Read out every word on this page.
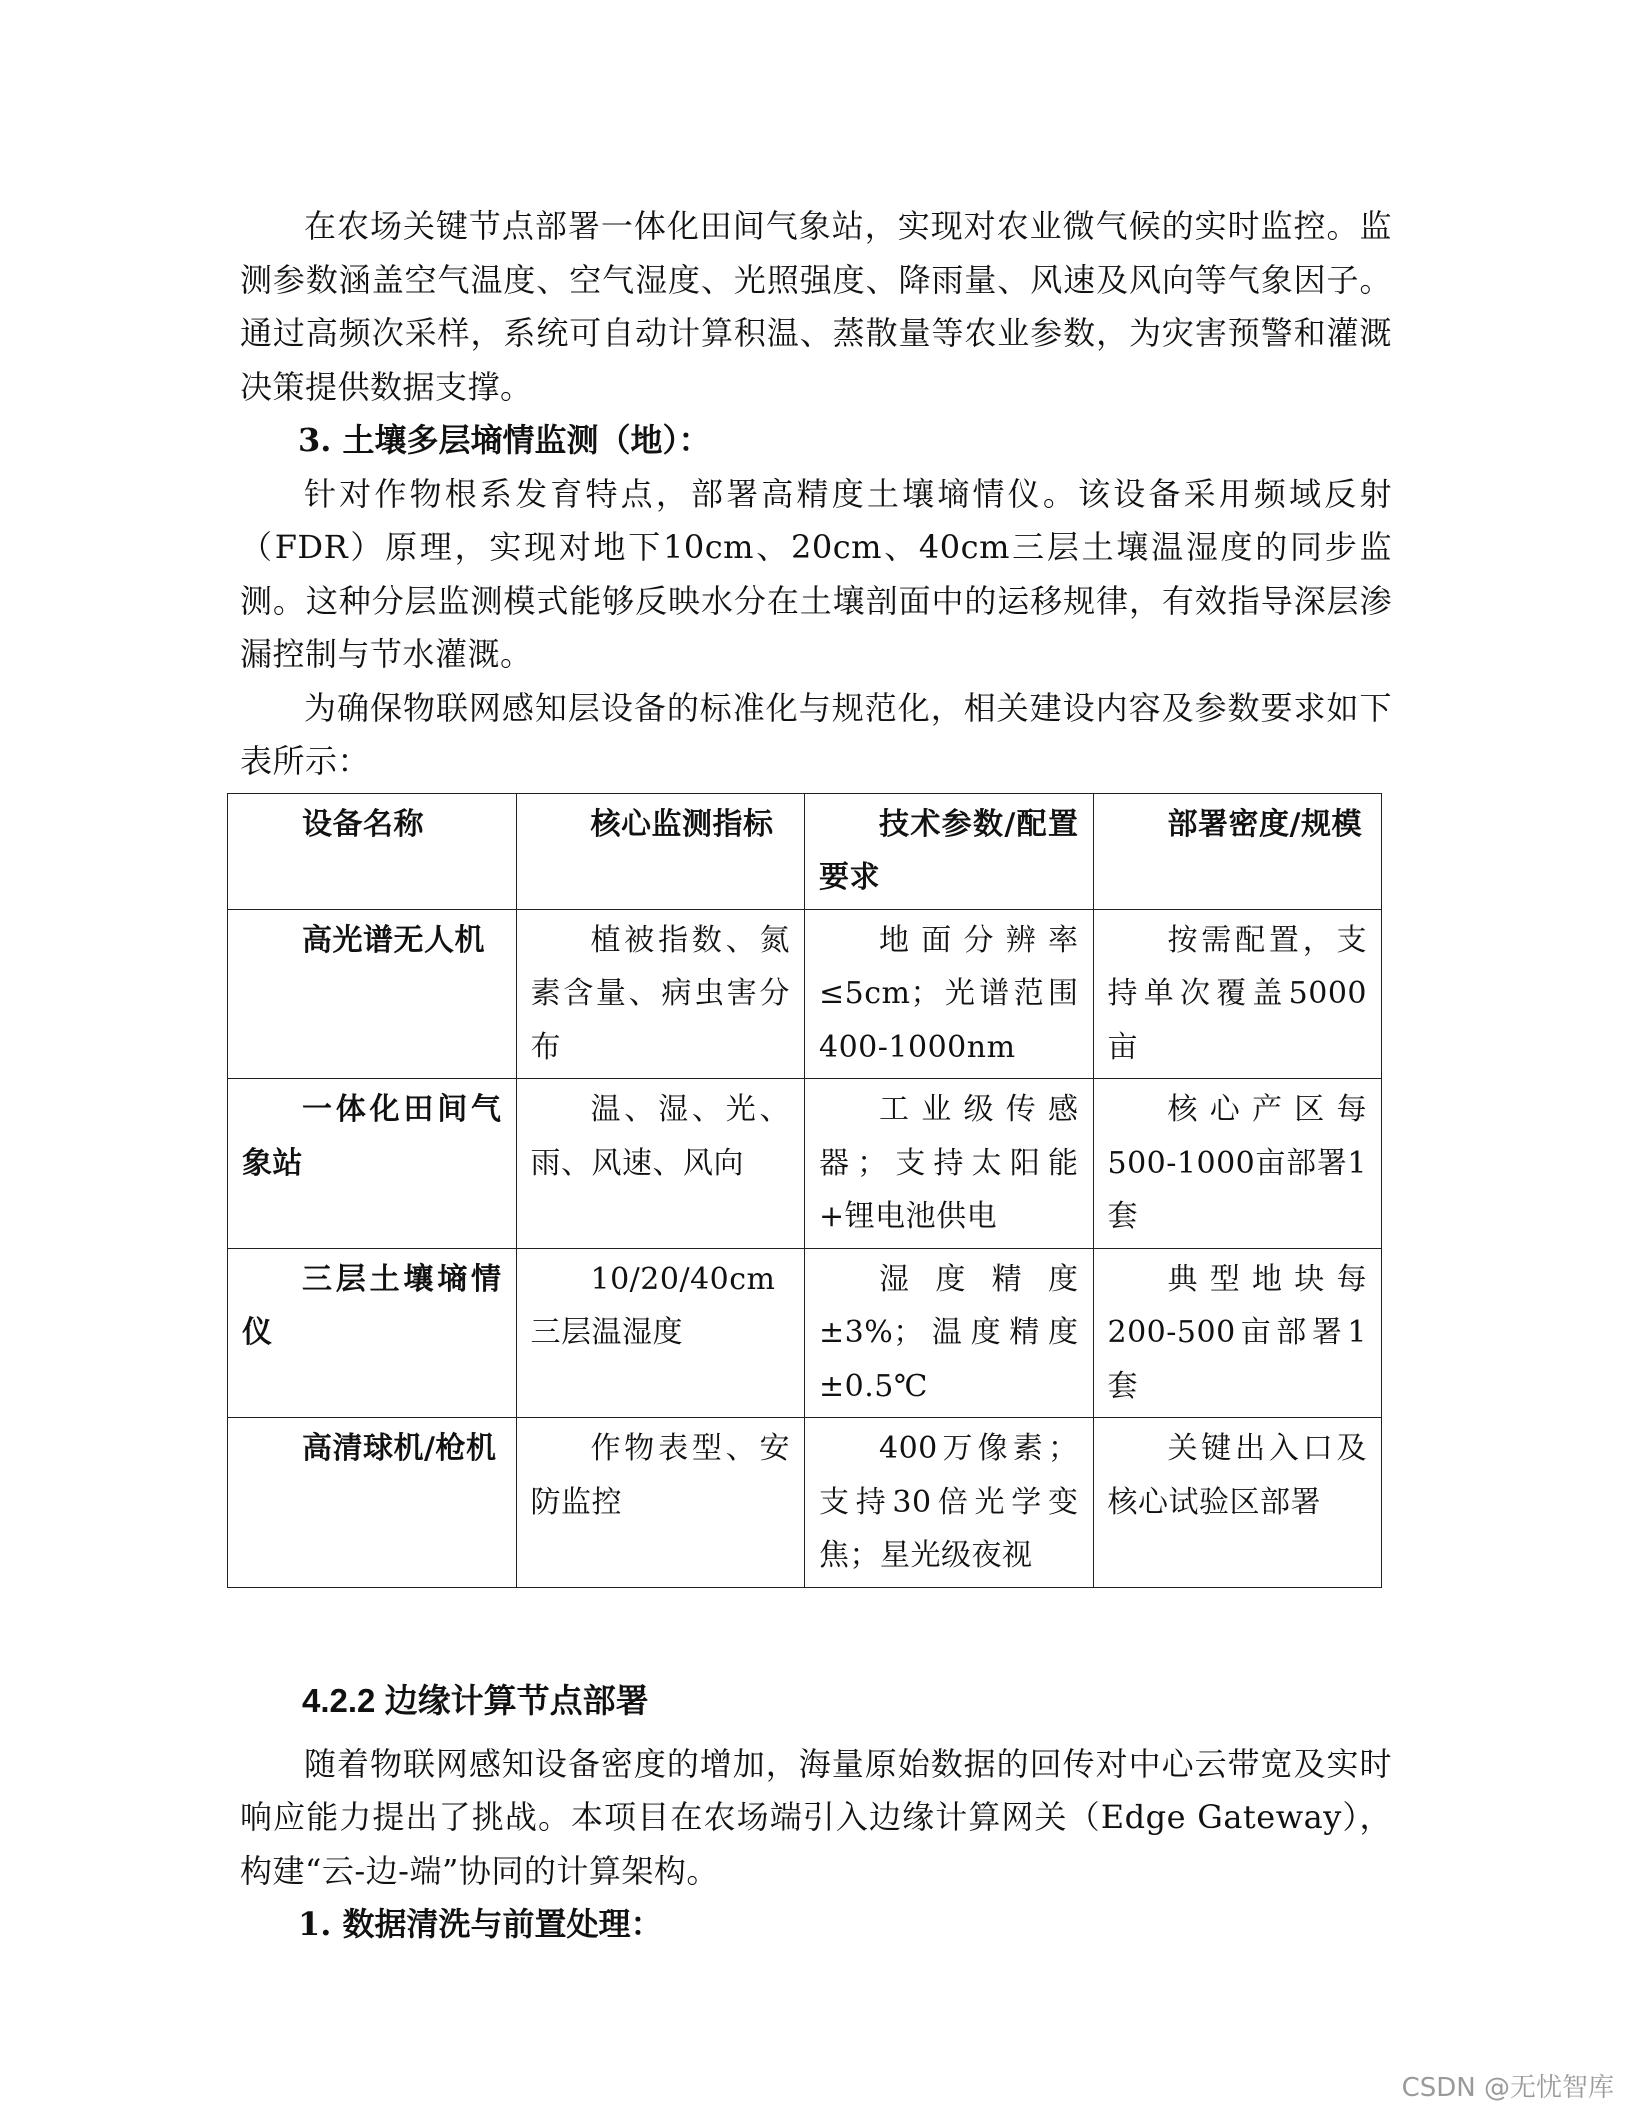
在农场关键节点部署一体化田间气象站，实现对农业微气候的实时监控。监测参数涵盖空气温度、空气湿度、光照强度、降雨量、风速及风向等气象因子。通过高频次采样，系统可自动计算积温、蒸散量等农业参数，为灾害预警和灌溉决策提供数据支撑。

3. 土壤多层墒情监测（地）：

针对作物根系发育特点，部署高精度土壤墒情仪。该设备采用频域反射（FDR）原理，实现对地下10cm、20cm、40cm三层土壤温湿度的同步监测。这种分层监测模式能够反映水分在土壤剖面中的运移规律，有效指导深层渗漏控制与节水灌溉。

为确保物联网感知层设备的标准化与规范化，相关建设内容及参数要求如下表所示：

设备名称	核心监测指标	技术参数/配置要求	部署密度/规模
高光谱无人机	植被指数、氮素含量、病虫害分布	地面分辨率≤5cm；光谱范围400-1000nm	按需配置，支持单次覆盖5000亩
一体化田间气象站	温、湿、光、雨、风速、风向	工业级传感器；支持太阳能+锂电池供电	核心产区每500-1000亩部署1套
三层土壤墒情仪	10/20/40cm三层温湿度	湿度精度±3%；温度精度±0.5℃	典型地块每200-500亩部署1套
高清球机/枪机	作物表型、安防监控	400万像素；支持30倍光学变焦；星光级夜视	关键出入口及核心试验区部署
4.2.2 边缘计算节点部署

随着物联网感知设备密度的增加，海量原始数据的回传对中心云带宽及实时响应能力提出了挑战。本项目在农场端引入边缘计算网关（Edge Gateway），构建“云-边-端”协同的计算架构。

1. 数据清洗与前置处理：

CSDN @无忧智库
